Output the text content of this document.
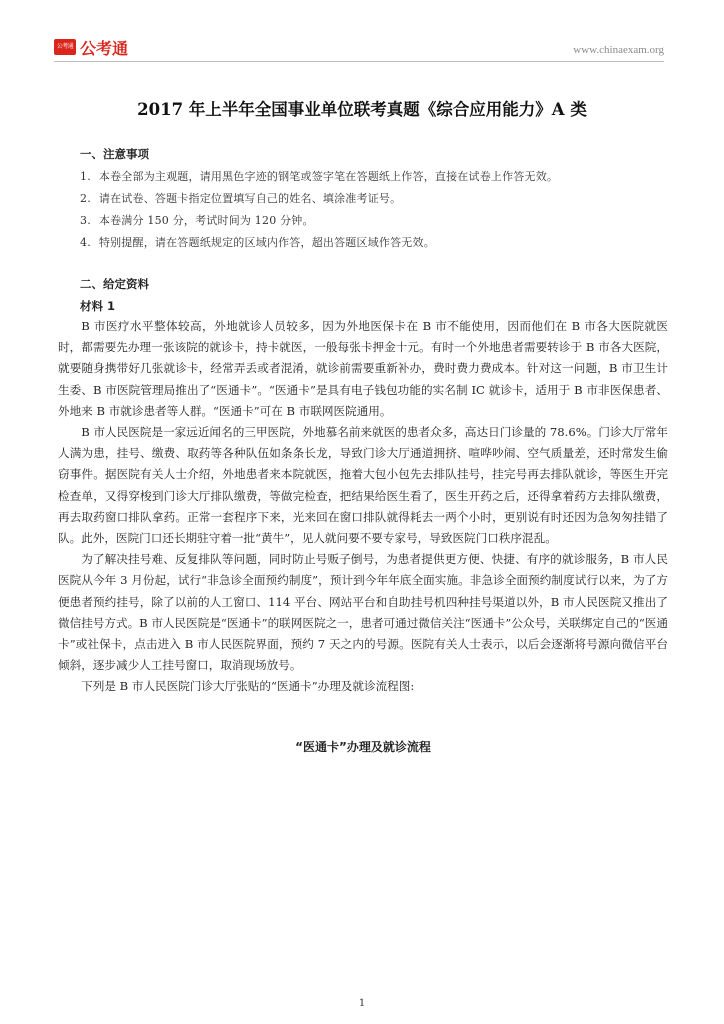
公考通 公考通	www.chinaexam.org
2017 年上半年全国事业单位联考真题《综合应用能力》A 类
一、注意事项
1. 本卷全部为主观题，请用黑色字迹的钢笔或签字笔在答题纸上作答，直接在试卷上作答无效。
2. 请在试卷、答题卡指定位置填写自己的姓名、填涂准考证号。
3. 本卷满分 150 分，考试时间为 120 分钟。
4. 特别提醒，请在答题纸规定的区域内作答，超出答题区域作答无效。
二、给定资料
材料 1

B 市医疗水平整体较高，外地就诊人员较多，因为外地医保卡在 B 市不能使用，因而他们在 B 市各大医院就医时，都需要先办理一张该院的就诊卡，持卡就医，一般每张卡押金十元。有时一个外地患者需要转诊于 B 市各大医院，就要随身携带好几张就诊卡，经常弄丢或者混淆，就诊前需要重新补办，费时费力费成本。针对这一问题，B 市卫生计生委、B 市医院管理局推出了“医通卡”。“医通卡”是具有电子钱包功能的实名制 IC 就诊卡，适用于 B 市非医保患者、外地来 B 市就诊患者等人群。“医通卡”可在 B 市联网医院通用。

B 市人民医院是一家远近闻名的三甲医院，外地慕名前来就医的患者众多，高达日门诊量的 78.6%。门诊大厅常年人满为患，挂号、缴费、取药等各种队伍如条条长龙，导致门诊大厅通道拥挤、喧哗吵闹、空气质量差，还时常发生偷窃事件。据医院有关人士介绍，外地患者来本院就医，拖着大包小包先去排队挂号，挂完号再去排队就诊，等医生开完检查单，又得穿梭到门诊大厅排队缴费，等做完检查，把结果给医生看了，医生开药之后，还得拿着药方去排队缴费，再去取药窗口排队拿药。正常一套程序下来，光来回在窗口排队就得耗去一两个小时，更别说有时还因为急匆匆挂错了队。此外，医院门口还长期驻守着一批“黄牛”，见人就问要不要专家号，导致医院门口秩序混乱。

为了解决挂号难、反复排队等问题，同时防止号贩子倒号，为患者提供更方便、快捷、有序的就诊服务，B 市人民医院从今年 3 月份起，试行“非急诊全面预约制度”，预计到今年年底全面实施。非急诊全面预约制度试行以来，为了方便患者预约挂号，除了以前的人工窗口、114 平台、网站平台和自助挂号机四种挂号渠道以外，B 市人民医院又推出了微信挂号方式。B 市人民医院是“医通卡”的联网医院之一，患者可通过微信关注“医通卡”公众号，关联绑定自己的“医通卡”或社保卡，点击进入 B 市人民医院界面，预约 7 天之内的号源。医院有关人士表示，以后会逐渐将号源向微信平台倾斜，逐步减少人工挂号窗口，取消现场放号。

下列是 B 市人民医院门诊大厅张贴的“医通卡”办理及就诊流程图:

“医通卡”办理及就诊流程
1
